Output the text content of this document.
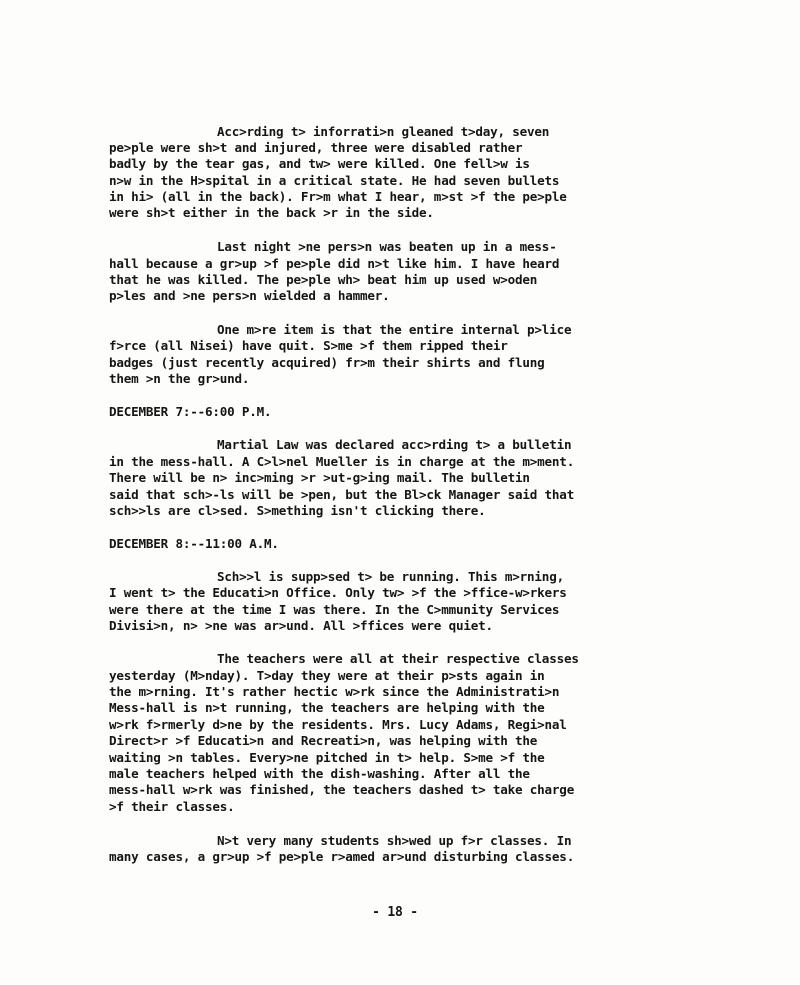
Acc>rding t> inforrati>n gleaned t>day, seven
pe>ple were sh>t and injured, three were disabled rather
badly by the tear gas, and tw> were killed. One fell>w is
n>w in the H>spital in a critical state. He had seven bullets
in hi> (all in the back). Fr>m what I hear, m>st >f the pe>ple
were sh>t either in the back >r in the side.
Last night >ne pers>n was beaten up in a mess-
hall because a gr>up >f pe>ple did n>t like him. I have heard
that he was killed. The pe>ple wh> beat him up used w>oden
p>les and >ne pers>n wielded a hammer.
One m>re item is that the entire internal p>lice
f>rce (all Nisei) have quit. S>me >f them ripped their
badges (just recently acquired) fr>m their shirts and flung
them >n the gr>und.
DECEMBER 7:--6:00 P.M.
Martial Law was declared acc>rding t> a bulletin
in the mess-hall. A C>l>nel Mueller is in charge at the m>ment.
There will be n> inc>ming >r >ut-g>ing mail. The bulletin
said that sch>-ls will be >pen, but the Bl>ck Manager said that
sch>>ls are cl>sed. S>mething isn't clicking there.
DECEMBER 8:--11:00 A.M.
Sch>>l is supp>sed t> be running. This m>rning,
I went t> the Educati>n Office. Only tw> >f the >ffice-w>rkers
were there at the time I was there. In the C>mmunity Services
Divisi>n, n> >ne was ar>und. All >ffices were quiet.
The teachers were all at their respective classes
yesterday (M>nday). T>day they were at their p>sts again in
the m>rning. It's rather hectic w>rk since the Administrati>n
Mess-hall is n>t running, the teachers are helping with the
w>rk f>rmerly d>ne by the residents. Mrs. Lucy Adams, Regi>nal
Direct>r >f Educati>n and Recreati>n, was helping with the
waiting >n tables. Every>ne pitched in t> help. S>me >f the
male teachers helped with the dish-washing. After all the
mess-hall w>rk was finished, the teachers dashed t> take charge
>f their classes.
N>t very many students sh>wed up f>r classes. In
many cases, a gr>up >f pe>ple r>amed ar>und disturbing classes.
- 18 -
